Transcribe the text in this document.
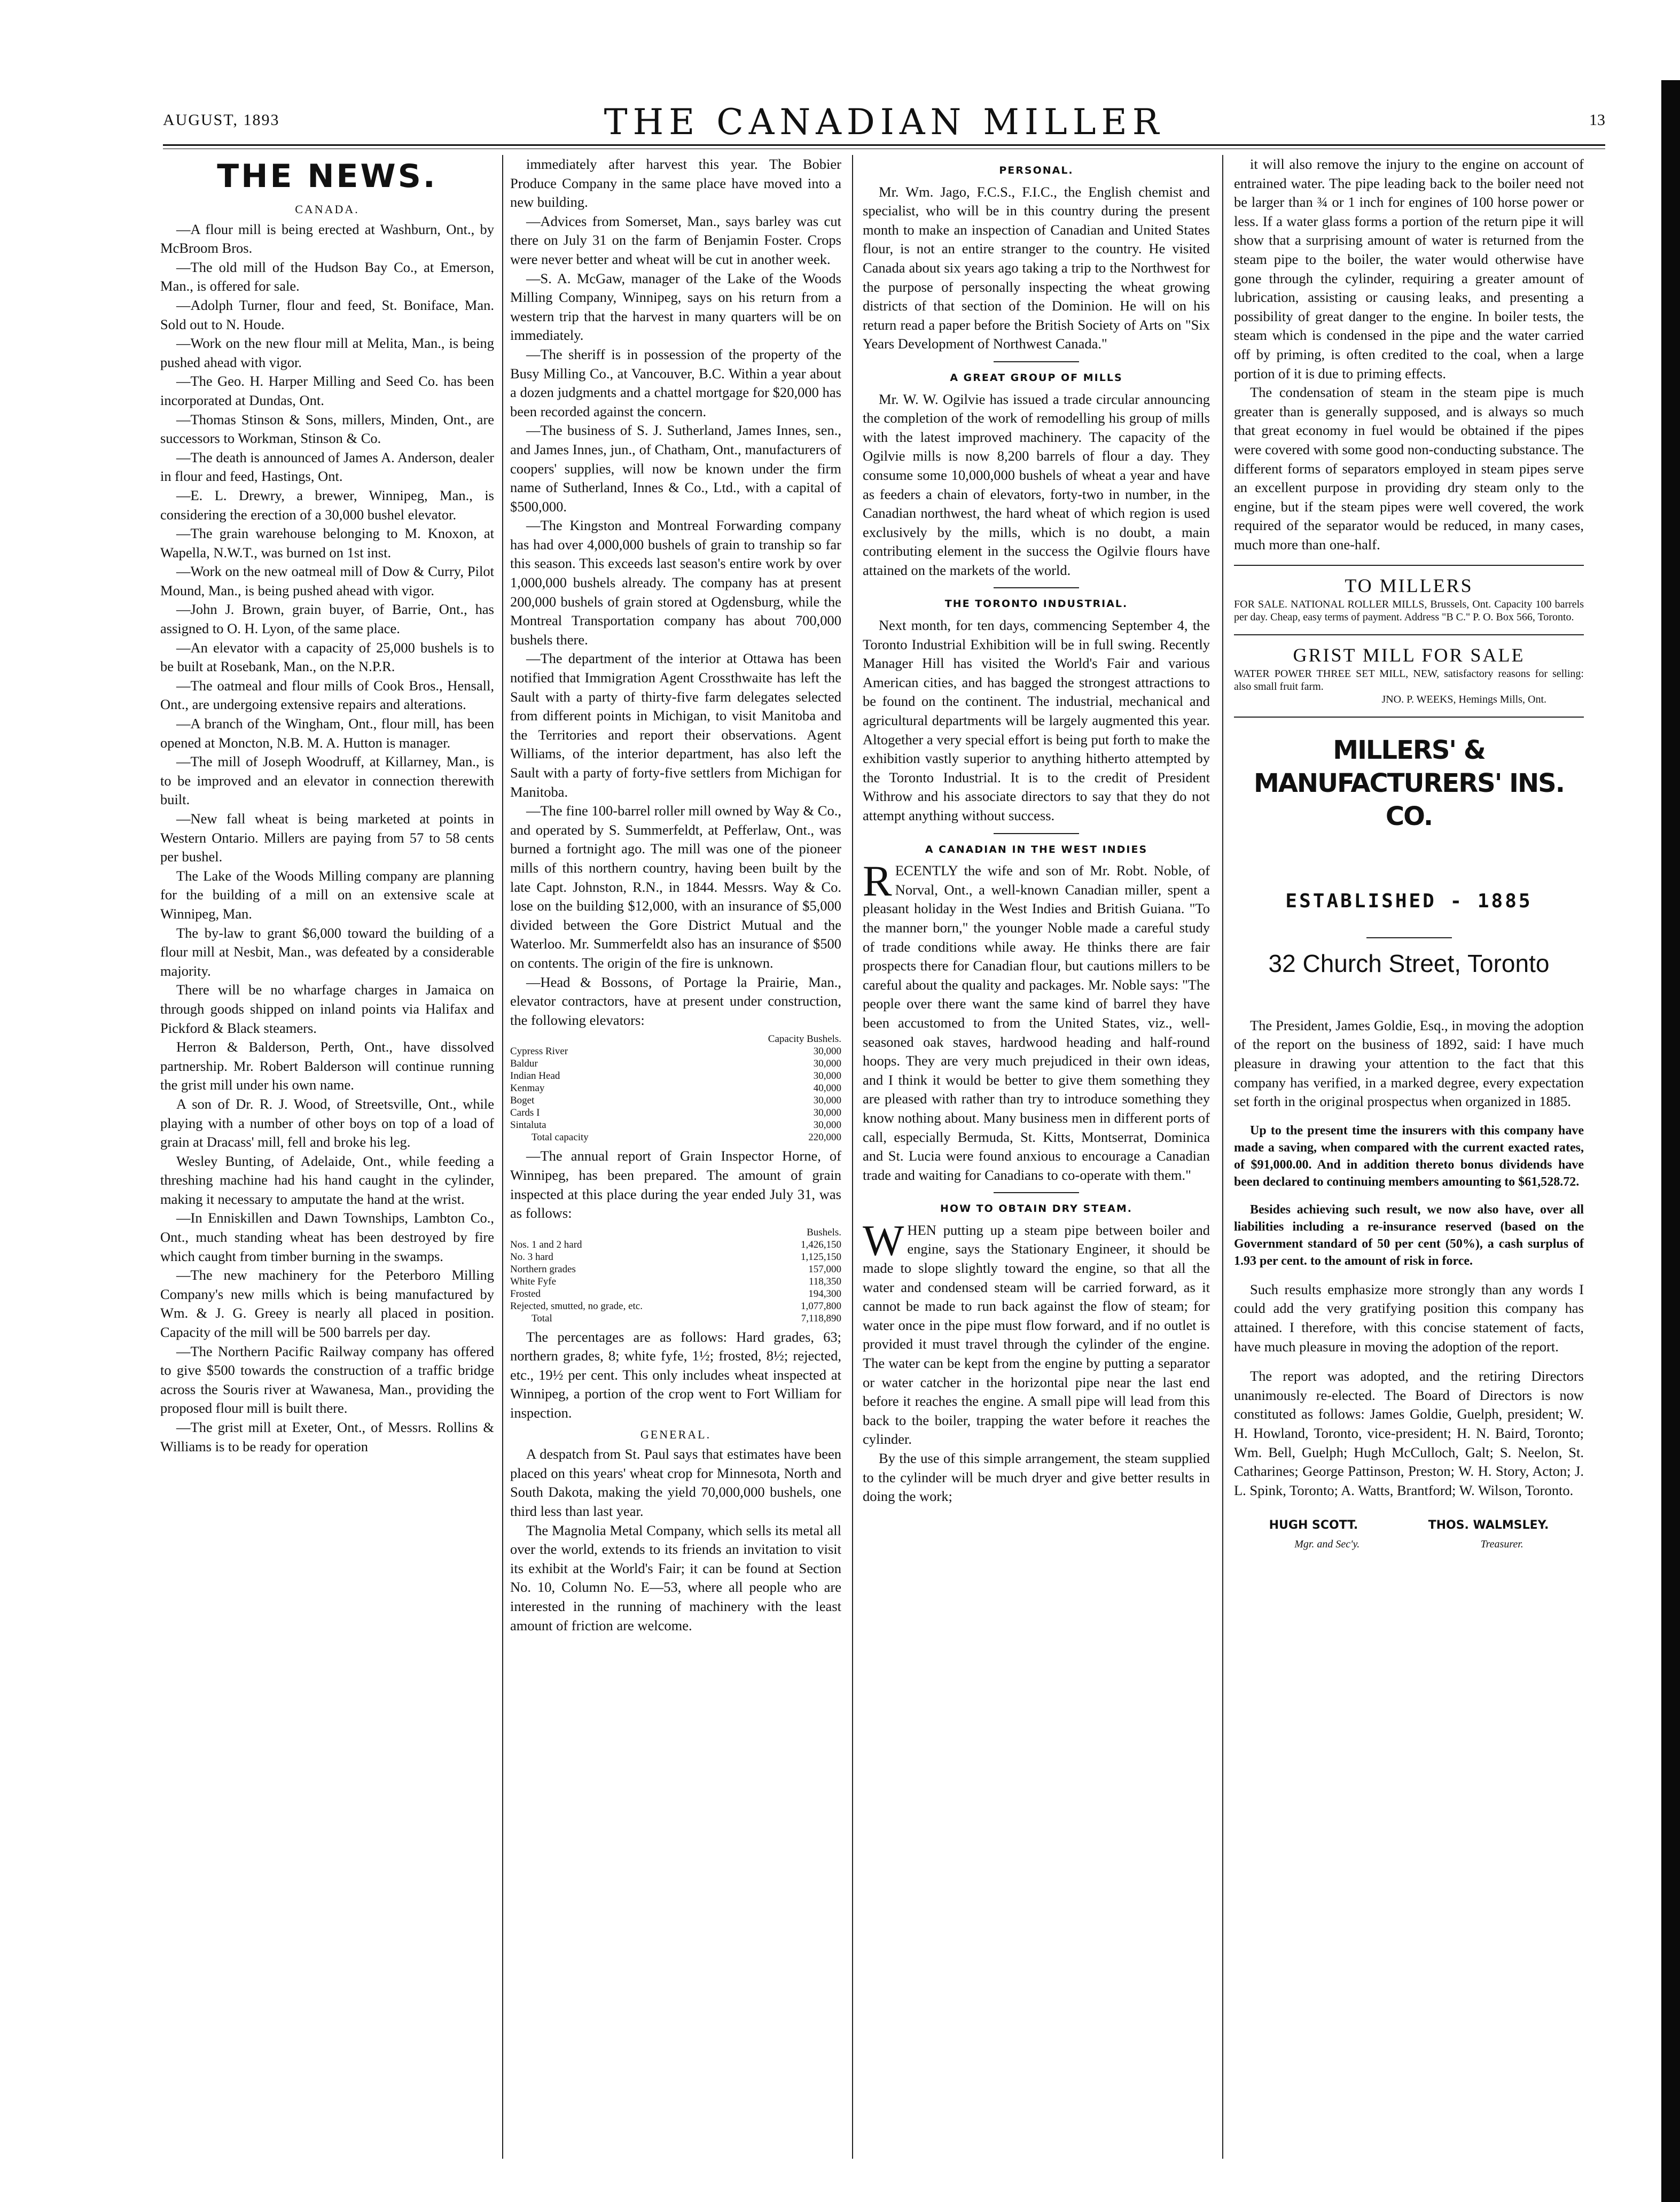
AUGUST, 1893	THE CANADIAN MILLER	13
THE NEWS.
CANADA.

—A flour mill is being erected at Washburn, Ont., by McBroom Bros.

—The old mill of the Hudson Bay Co., at Emerson, Man., is offered for sale.

—Adolph Turner, flour and feed, St. Boniface, Man. Sold out to N. Houde.

—Work on the new flour mill at Melita, Man., is being pushed ahead with vigor.

—The Geo. H. Harper Milling and Seed Co. has been incorporated at Dundas, Ont.

—Thomas Stinson & Sons, millers, Minden, Ont., are successors to Workman, Stinson & Co.

—The death is announced of James A. Anderson, dealer in flour and feed, Hastings, Ont.

—E. L. Drewry, a brewer, Winnipeg, Man., is considering the erection of a 30,000 bushel elevator.

—The grain warehouse belonging to M. Knoxon, at Wapella, N.W.T., was burned on 1st inst.

—Work on the new oatmeal mill of Dow & Curry, Pilot Mound, Man., is being pushed ahead with vigor.

—John J. Brown, grain buyer, of Barrie, Ont., has assigned to O. H. Lyon, of the same place.

—An elevator with a capacity of 25,000 bushels is to be built at Rosebank, Man., on the N.P.R.

—The oatmeal and flour mills of Cook Bros., Hensall, Ont., are undergoing extensive repairs and alterations.

—A branch of the Wingham, Ont., flour mill, has been opened at Moncton, N.B. M. A. Hutton is manager.

—The mill of Joseph Woodruff, at Killarney, Man., is to be improved and an elevator in connection therewith built.

—New fall wheat is being marketed at points in Western Ontario. Millers are paying from 57 to 58 cents per bushel.

The Lake of the Woods Milling company are planning for the building of a mill on an extensive scale at Winnipeg, Man.

The by-law to grant $6,000 toward the building of a flour mill at Nesbit, Man., was defeated by a considerable majority.

There will be no wharfage charges in Jamaica on through goods shipped on inland points via Halifax and Pickford & Black steamers.

Herron & Balderson, Perth, Ont., have dissolved partnership. Mr. Robert Balderson will continue running the grist mill under his own name.

A son of Dr. R. J. Wood, of Streetsville, Ont., while playing with a number of other boys on top of a load of grain at Dracass' mill, fell and broke his leg.

Wesley Bunting, of Adelaide, Ont., while feeding a threshing machine had his hand caught in the cylinder, making it necessary to amputate the hand at the wrist.

—In Enniskillen and Dawn Townships, Lambton Co., Ont., much standing wheat has been destroyed by fire which caught from timber burning in the swamps.

—The new machinery for the Peterboro Milling Company's new mills which is being manufactured by Wm. & J. G. Greey is nearly all placed in position. Capacity of the mill will be 500 barrels per day.

—The Northern Pacific Railway company has offered to give $500 towards the construction of a traffic bridge across the Souris river at Wawanesa, Man., providing the proposed flour mill is built there.

—The grist mill at Exeter, Ont., of Messrs. Rollins & Williams is to be ready for operation

immediately after harvest this year. The Bobier Produce Company in the same place have moved into a new building.

—Advices from Somerset, Man., says barley was cut there on July 31 on the farm of Benjamin Foster. Crops were never better and wheat will be cut in another week.

—S. A. McGaw, manager of the Lake of the Woods Milling Company, Winnipeg, says on his return from a western trip that the harvest in many quarters will be on immediately.

—The sheriff is in possession of the property of the Busy Milling Co., at Vancouver, B.C. Within a year about a dozen judgments and a chattel mortgage for $20,000 has been recorded against the concern.

—The business of S. J. Sutherland, James Innes, sen., and James Innes, jun., of Chatham, Ont., manufacturers of coopers' supplies, will now be known under the firm name of Sutherland, Innes & Co., Ltd., with a capital of $500,000.

—The Kingston and Montreal Forwarding company has had over 4,000,000 bushels of grain to tranship so far this season. This exceeds last season's entire work by over 1,000,000 bushels already. The company has at present 200,000 bushels of grain stored at Ogdensburg, while the Montreal Transportation company has about 700,000 bushels there.

—The department of the interior at Ottawa has been notified that Immigration Agent Crossthwaite has left the Sault with a party of thirty-five farm delegates selected from different points in Michigan, to visit Manitoba and the Territories and report their observations. Agent Williams, of the interior department, has also left the Sault with a party of forty-five settlers from Michigan for Manitoba.

—The fine 100-barrel roller mill owned by Way & Co., and operated by S. Summerfeldt, at Pefferlaw, Ont., was burned a fortnight ago. The mill was one of the pioneer mills of this northern country, having been built by the late Capt. Johnston, R.N., in 1844. Messrs. Way & Co. lose on the building $12,000, with an insurance of $5,000 divided between the Gore District Mutual and the Waterloo. Mr. Summerfeldt also has an insurance of $500 on contents. The origin of the fire is unknown.

—Head & Bossons, of Portage la Prairie, Man., elevator contractors, have at present under construction, the following elevators:

	Capacity Bushels.
Cypress River	30,000
Baldur	30,000
Indian Head	30,000
Kenmay	40,000
Boget	30,000
Cards I	30,000
Sintaluta	30,000
Total capacity	220,000

—The annual report of Grain Inspector Horne, of Winnipeg, has been prepared. The amount of grain inspected at this place during the year ended July 31, was as follows:

	Bushels.
Nos. 1 and 2 hard	1,426,150
No. 3 hard	1,125,150
Northern grades	157,000
White Fyfe	118,350
Frosted	194,300
Rejected, smutted, no grade, etc.	1,077,800
Total	7,118,890

The percentages are as follows: Hard grades, 63; northern grades, 8; white fyfe, 1½; frosted, 8½; rejected, etc., 19½ per cent. This only includes wheat inspected at Winnipeg, a portion of the crop went to Fort William for inspection.

GENERAL.

A despatch from St. Paul says that estimates have been placed on this years' wheat crop for Minnesota, North and South Dakota, making the yield 70,000,000 bushels, one third less than last year.

The Magnolia Metal Company, which sells its metal all over the world, extends to its friends an invitation to visit its exhibit at the World's Fair; it can be found at Section No. 10, Column No. E—53, where all people who are interested in the running of machinery with the least amount of friction are welcome.

PERSONAL.

Mr. Wm. Jago, F.C.S., F.I.C., the English chemist and specialist, who will be in this country during the present month to make an inspection of Canadian and United States flour, is not an entire stranger to the country. He visited Canada about six years ago taking a trip to the Northwest for the purpose of personally inspecting the wheat growing districts of that section of the Dominion. He will on his return read a paper before the British Society of Arts on "Six Years Development of Northwest Canada."

A GREAT GROUP OF MILLS

Mr. W. W. Ogilvie has issued a trade circular announcing the completion of the work of remodelling his group of mills with the latest improved machinery. The capacity of the Ogilvie mills is now 8,200 barrels of flour a day. They consume some 10,000,000 bushels of wheat a year and have as feeders a chain of elevators, forty-two in number, in the Canadian northwest, the hard wheat of which region is used exclusively by the mills, which is no doubt, a main contributing element in the success the Ogilvie flours have attained on the markets of the world.

THE TORONTO INDUSTRIAL.

Next month, for ten days, commencing September 4, the Toronto Industrial Exhibition will be in full swing. Recently Manager Hill has visited the World's Fair and various American cities, and has bagged the strongest attractions to be found on the continent. The industrial, mechanical and agricultural departments will be largely augmented this year. Altogether a very special effort is being put forth to make the exhibition vastly superior to anything hitherto attempted by the Toronto Industrial. It is to the credit of President Withrow and his associate directors to say that they do not attempt anything without success.

A CANADIAN IN THE WEST INDIES

RECENTLY the wife and son of Mr. Robt. Noble, of Norval, Ont., a well-known Canadian miller, spent a pleasant holiday in the West Indies and British Guiana. "To the manner born," the younger Noble made a careful study of trade conditions while away. He thinks there are fair prospects there for Canadian flour, but cautions millers to be careful about the quality and packages. Mr. Noble says: "The people over there want the same kind of barrel they have been accustomed to from the United States, viz., well-seasoned oak staves, hardwood heading and half-round hoops. They are very much prejudiced in their own ideas, and I think it would be better to give them something they are pleased with rather than try to introduce something they know nothing about. Many business men in different ports of call, especially Bermuda, St. Kitts, Montserrat, Dominica and St. Lucia were found anxious to encourage a Canadian trade and waiting for Canadians to co-operate with them."

HOW TO OBTAIN DRY STEAM.

WHEN putting up a steam pipe between boiler and engine, says the Stationary Engineer, it should be made to slope slightly toward the engine, so that all the water and condensed steam will be carried forward, as it cannot be made to run back against the flow of steam; for water once in the pipe must flow forward, and if no outlet is provided it must travel through the cylinder of the engine. The water can be kept from the engine by putting a separator or water catcher in the horizontal pipe near the last end before it reaches the engine. A small pipe will lead from this back to the boiler, trapping the water before it reaches the cylinder.

By the use of this simple arrangement, the steam supplied to the cylinder will be much dryer and give better results in doing the work;

it will also remove the injury to the engine on account of entrained water. The pipe leading back to the boiler need not be larger than ¾ or 1 inch for engines of 100 horse power or less. If a water glass forms a portion of the return pipe it will show that a surprising amount of water is returned from the steam pipe to the boiler, the water would otherwise have gone through the cylinder, requiring a greater amount of lubrication, assisting or causing leaks, and presenting a possibility of great danger to the engine. In boiler tests, the steam which is condensed in the pipe and the water carried off by priming, is often credited to the coal, when a large portion of it is due to priming effects.

The condensation of steam in the steam pipe is much greater than is generally supposed, and is always so much that great economy in fuel would be obtained if the pipes were covered with some good non-conducting substance. The different forms of separators employed in steam pipes serve an excellent purpose in providing dry steam only to the engine, but if the steam pipes were well covered, the work required of the separator would be reduced, in many cases, much more than one-half.

TO MILLERS

FOR SALE. NATIONAL ROLLER MILLS, Brussels, Ont. Capacity 100 barrels per day. Cheap, easy terms of payment. Address "B C." P. O. Box 566, Toronto.

GRIST MILL FOR SALE

WATER POWER THREE SET MILL, NEW, satisfactory reasons for selling: also small fruit farm.

JNO. P. WEEKS, Hemings Mills, Ont.

MILLERS' & MANUFACTURERS' INS. CO.
ESTABLISHED - 1885
32 Church Street, Toronto

The President, James Goldie, Esq., in moving the adoption of the report on the business of 1892, said: I have much pleasure in drawing your attention to the fact that this company has verified, in a marked degree, every expectation set forth in the original prospectus when organized in 1885.

Up to the present time the insurers with this company have made a saving, when compared with the current exacted rates, of $91,000.00. And in addition thereto bonus dividends have been declared to continuing members amounting to $61,528.72.

Besides achieving such result, we now also have, over all liabilities including a re-insurance reserved (based on the Government standard of 50 per cent (50%), a cash surplus of 1.93 per cent. to the amount of risk in force.

Such results emphasize more strongly than any words I could add the very gratifying position this company has attained. I therefore, with this concise statement of facts, have much pleasure in moving the adoption of the report.

The report was adopted, and the retiring Directors unanimously re-elected. The Board of Directors is now constituted as follows: James Goldie, Guelph, president; W. H. Howland, Toronto, vice-president; H. N. Baird, Toronto; Wm. Bell, Guelph; Hugh McCulloch, Galt; S. Neelon, St. Catharines; George Pattinson, Preston; W. H. Story, Acton; J. L. Spink, Toronto; A. Watts, Brantford; W. Wilson, Toronto.

HUGH SCOTT.	THOS. WALMSLEY.
Mgr. and Sec'y.	Treasurer.
